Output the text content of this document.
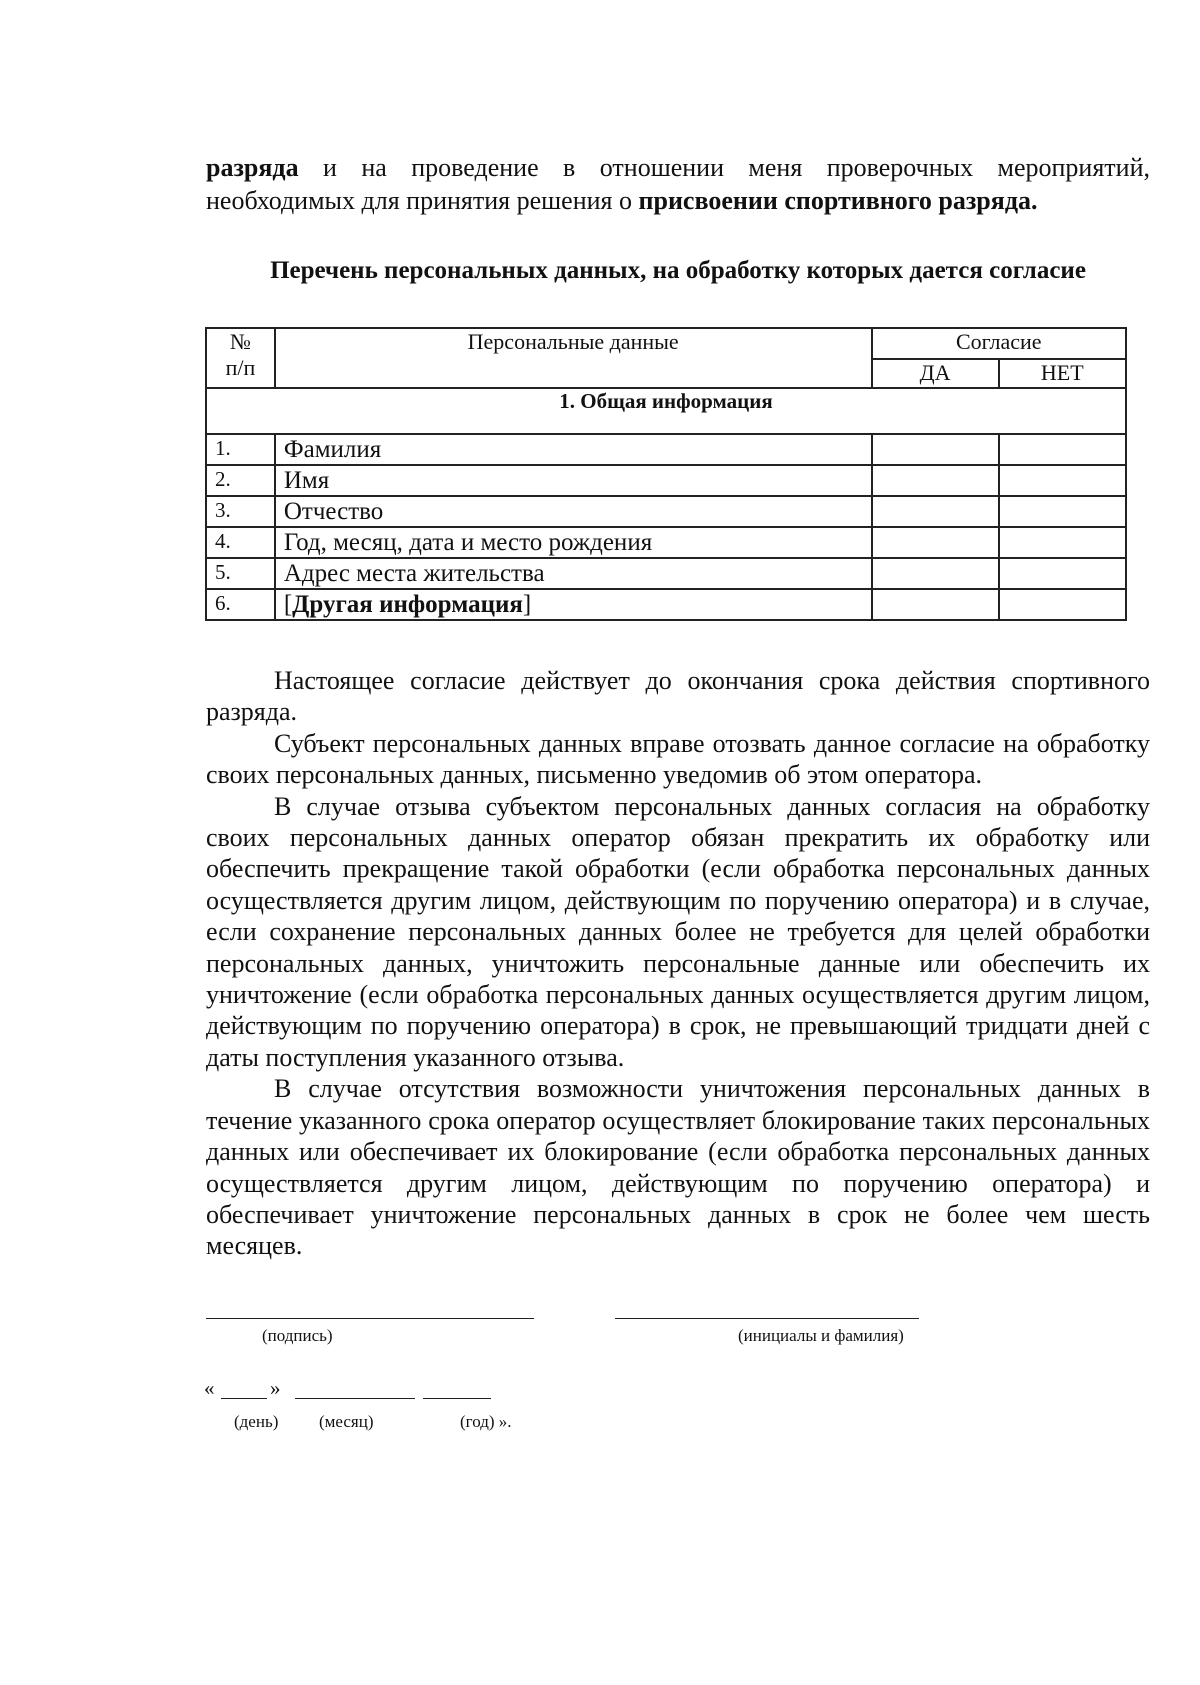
разряда и на проведение в отношении меня проверочных мероприятий, необходимых для принятия решения о присвоении спортивного разряда.
Перечень персональных данных, на обработку которых дается согласие
№
п/п	Персональные данные	Согласие	
		ДА	НЕТ
1. Общая информация			
1.	Фамилия		
2.	Имя		
3.	Отчество		
4.	Год, месяц, дата и место рождения		
5.	Адрес места жительства		
6.	[Другая информация]		

Настоящее согласие действует до окончания срока действия спортивного разряда.

Субъект персональных данных вправе отозвать данное согласие на обработку своих персональных данных, письменно уведомив об этом оператора.

В случае отзыва субъектом персональных данных согласия на обработку своих персональных данных оператор обязан прекратить их обработку или обеспечить прекращение такой обработки (если обработка персональных данных осуществляется другим лицом, действующим по поручению оператора) и в случае, если сохранение персональных данных более не требуется для целей обработки персональных данных, уничтожить персональные данные или обеспечить их уничтожение (если обработка персональных данных осуществляется другим лицом, действующим по поручению оператора) в срок, не превышающий тридцати дней с даты поступления указанного отзыва.

В случае отсутствия возможности уничтожения персональных данных в течение указанного срока оператор осуществляет блокирование таких персональных данных или обеспечивает их блокирование (если обработка персональных данных осуществляется другим лицом, действующим по поручению оператора) и обеспечивает уничтожение персональных данных в срок не более чем шесть месяцев.

(подпись)	(инициалы и фамилия)
«	»
(день) (месяц)	(год) ».
